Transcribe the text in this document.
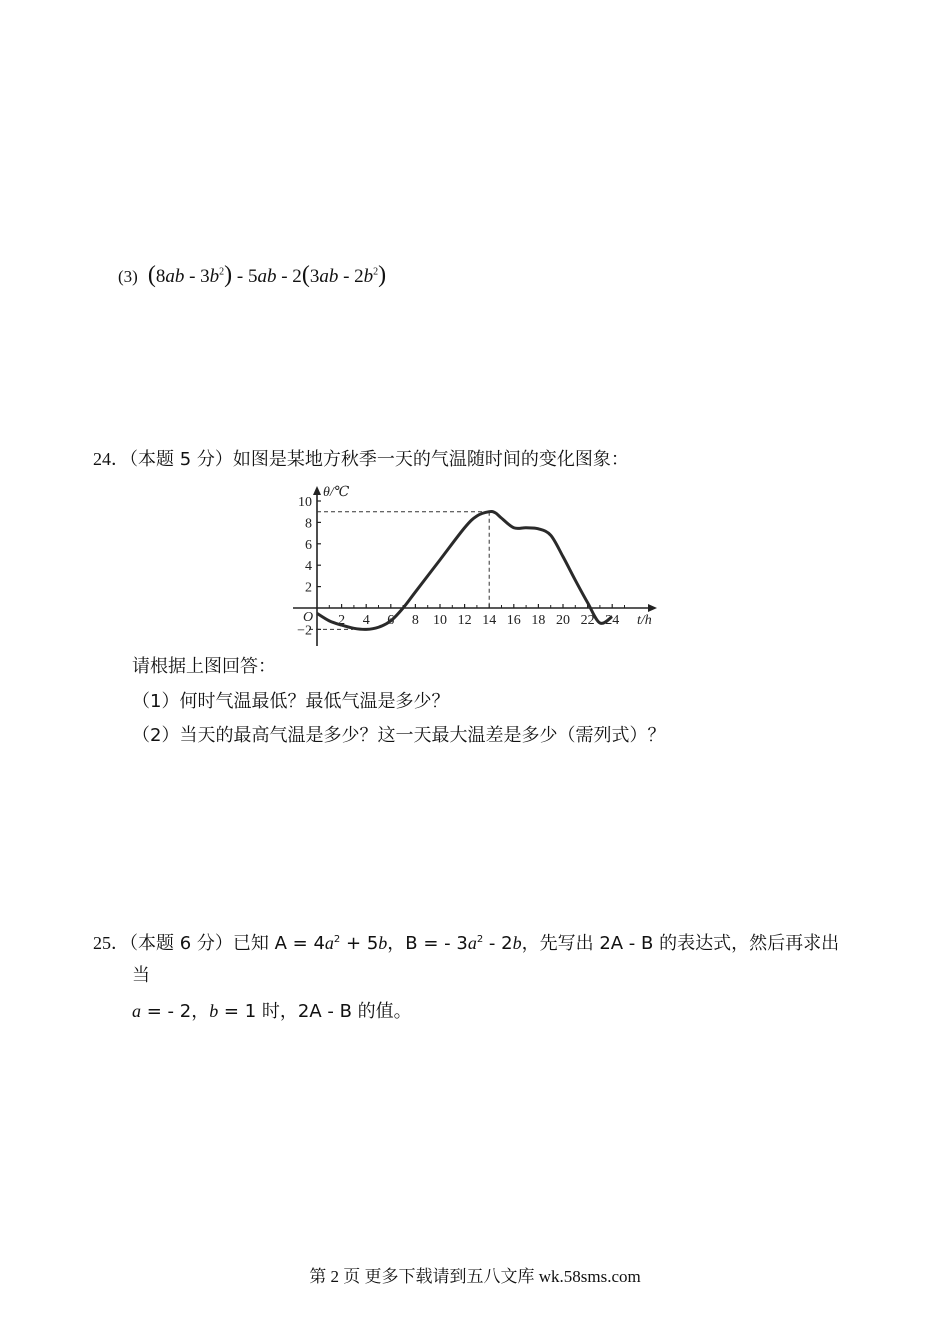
(3) $(8ab - 3b^2) - 5ab - 2(3ab - 2b^2)$
24．（本题 5 分）如图是某地方秋季一天的气温随时间的变化图象：
2 4 6 8 10 12 14 16 18 20 22 24
10
8
6
4
2
−2
θ/℃
t/h
O
请根据上图回答：
（1）何时气温最低？最低气温是多少？
（2）当天的最高气温是多少？这一天最大温差是多少（需列式）？
25．（本题 6 分）已知 $A = 4a^2 + 5b$，B = - $3a^2 - 2b$，先写出 2A - B 的表达式，然后再求出
当
a = - 2，b = 1 时，2A - B 的值。
第 2 页 更多下载请到五八文库 wk.58sms.com
